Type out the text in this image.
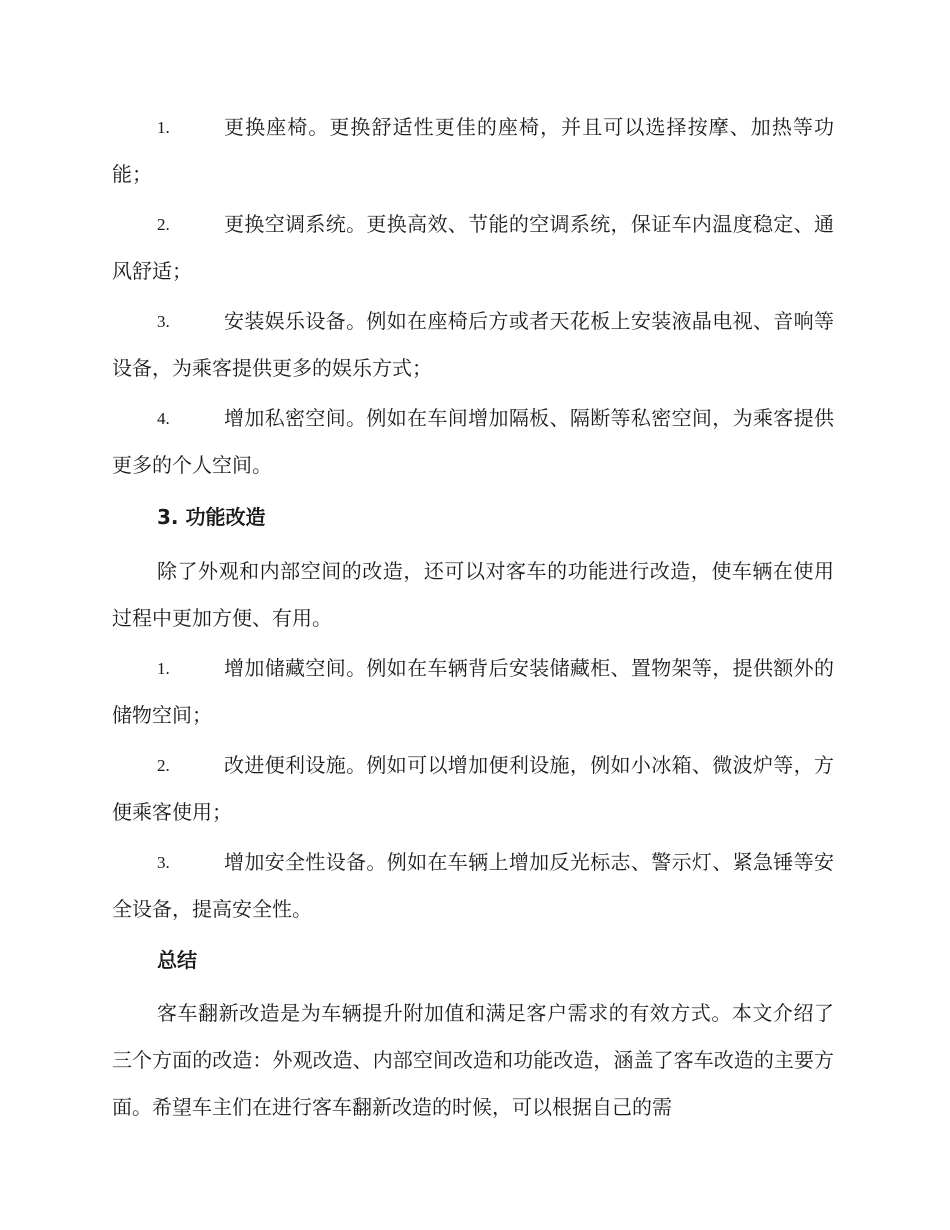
1.	更换座椅。更换舒适性更佳的座椅，并且可以选择按摩、加热等功能；
2.	更换空调系统。更换高效、节能的空调系统，保证车内温度稳定、通风舒适；
3.	安装娱乐设备。例如在座椅后方或者天花板上安装液晶电视、音响等设备，为乘客提供更多的娱乐方式；
4.	增加私密空间。例如在车间增加隔板、隔断等私密空间，为乘客提供更多的个人空间。
3. 功能改造
除了外观和内部空间的改造，还可以对客车的功能进行改造，使车辆在使用过程中更加方便、有用。
1.	增加储藏空间。例如在车辆背后安装储藏柜、置物架等，提供额外的储物空间；
2.	改进便利设施。例如可以增加便利设施，例如小冰箱、微波炉等，方便乘客使用；
3.	增加安全性设备。例如在车辆上增加反光标志、警示灯、紧急锤等安全设备，提高安全性。
总结
客车翻新改造是为车辆提升附加值和满足客户需求的有效方式。本文介绍了三个方面的改造：外观改造、内部空间改造和功能改造，涵盖了客车改造的主要方面。希望车主们在进行客车翻新改造的时候，可以根据自己的需
